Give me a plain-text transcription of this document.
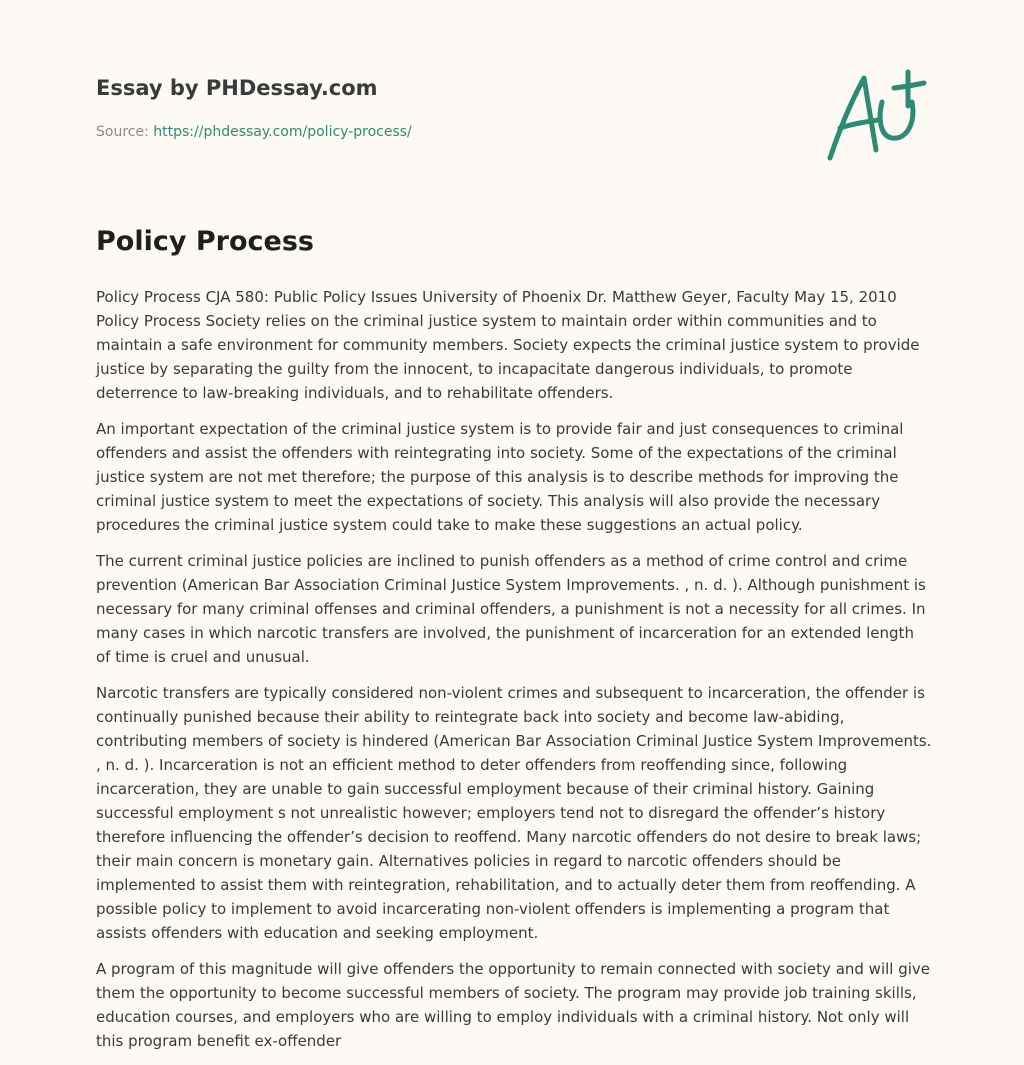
Essay by PHDessay.com
Source: https://phdessay.com/policy-process/
Policy Process

Policy Process CJA 580: Public Policy Issues University of Phoenix Dr. Matthew Geyer, Faculty May 15, 2010 Policy Process Society relies on the criminal justice system to maintain order within communities and to maintain a safe environment for community members. Society expects the criminal justice system to provide justice by separating the guilty from the innocent, to incapacitate dangerous individuals, to promote deterrence to law-breaking individuals, and to rehabilitate offenders.

An important expectation of the criminal justice system is to provide fair and just consequences to criminal offenders and assist the offenders with reintegrating into society. Some of the expectations of the criminal justice system are not met therefore; the purpose of this analysis is to describe methods for improving the criminal justice system to meet the expectations of society. This analysis will also provide the necessary procedures the criminal justice system could take to make these suggestions an actual policy.

The current criminal justice policies are inclined to punish offenders as a method of crime control and crime prevention (American Bar Association Criminal Justice System Improvements. , n. d. ). Although punishment is necessary for many criminal offenses and criminal offenders, a punishment is not a necessity for all crimes. In many cases in which narcotic transfers are involved, the punishment of incarceration for an extended length of time is cruel and unusual.

Narcotic transfers are typically considered non-violent crimes and subsequent to incarceration, the offender is continually punished because their ability to reintegrate back into society and become law-abiding, contributing members of society is hindered (American Bar Association Criminal Justice System Improvements. , n. d. ). Incarceration is not an efficient method to deter offenders from reoffending since, following incarceration, they are unable to gain successful employment because of their criminal history. Gaining successful employment s not unrealistic however; employers tend not to disregard the offender’s history therefore influencing the offender’s decision to reoffend. Many narcotic offenders do not desire to break laws; their main concern is monetary gain. Alternatives policies in regard to narcotic offenders should be implemented to assist them with reintegration, rehabilitation, and to actually deter them from reoffending. A possible policy to implement to avoid incarcerating non-violent offenders is implementing a program that assists offenders with education and seeking employment.

A program of this magnitude will give offenders the opportunity to remain connected with society and will give them the opportunity to become successful members of society. The program may provide job training skills, education courses, and employers who are willing to employ individuals with a criminal history. Not only will this program benefit ex-offender
